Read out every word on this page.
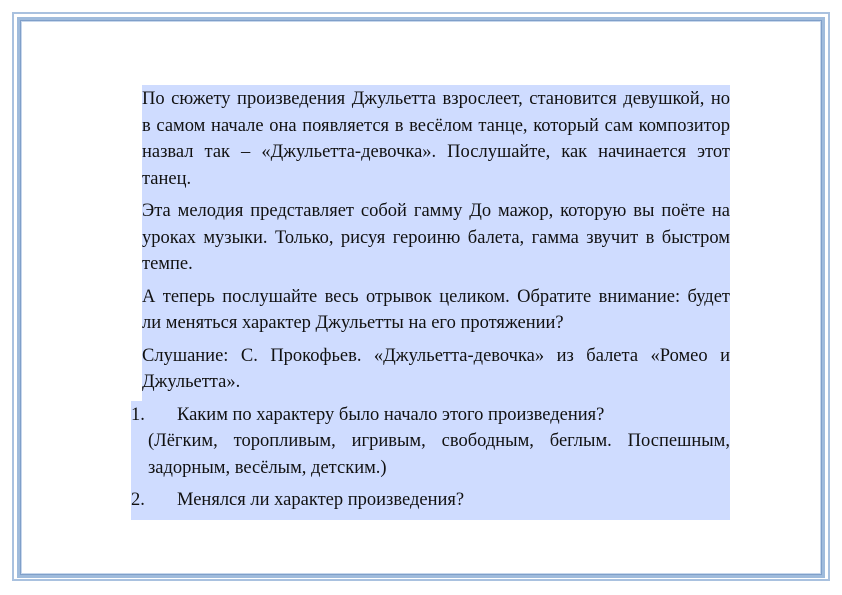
По сюжету произведения Джульетта взрослеет, становится девушкой, но в самом начале она появляется в весёлом танце, который сам композитор назвал так – «Джульетта-девочка». Послушайте, как начинается этот танец.

Эта мелодия представляет собой гамму До мажор, которую вы поёте на уроках музыки. Только, рисуя героиню балета, гамма звучит в быстром темпе.

А теперь послушайте весь отрывок целиком. Обратите внимание: будет ли меняться характер Джульетты на его протяжении?

Слушание: С. Прокофьев. «Джульетта-девочка» из балета «Ромео и Джульетта».

1.	Каким по характеру было начало этого произведения?
(Лёгким, торопливым, игривым, свободным, беглым. Поспешным, задорным, весёлым, детским.)
2.	Менялся ли характер произведения?
